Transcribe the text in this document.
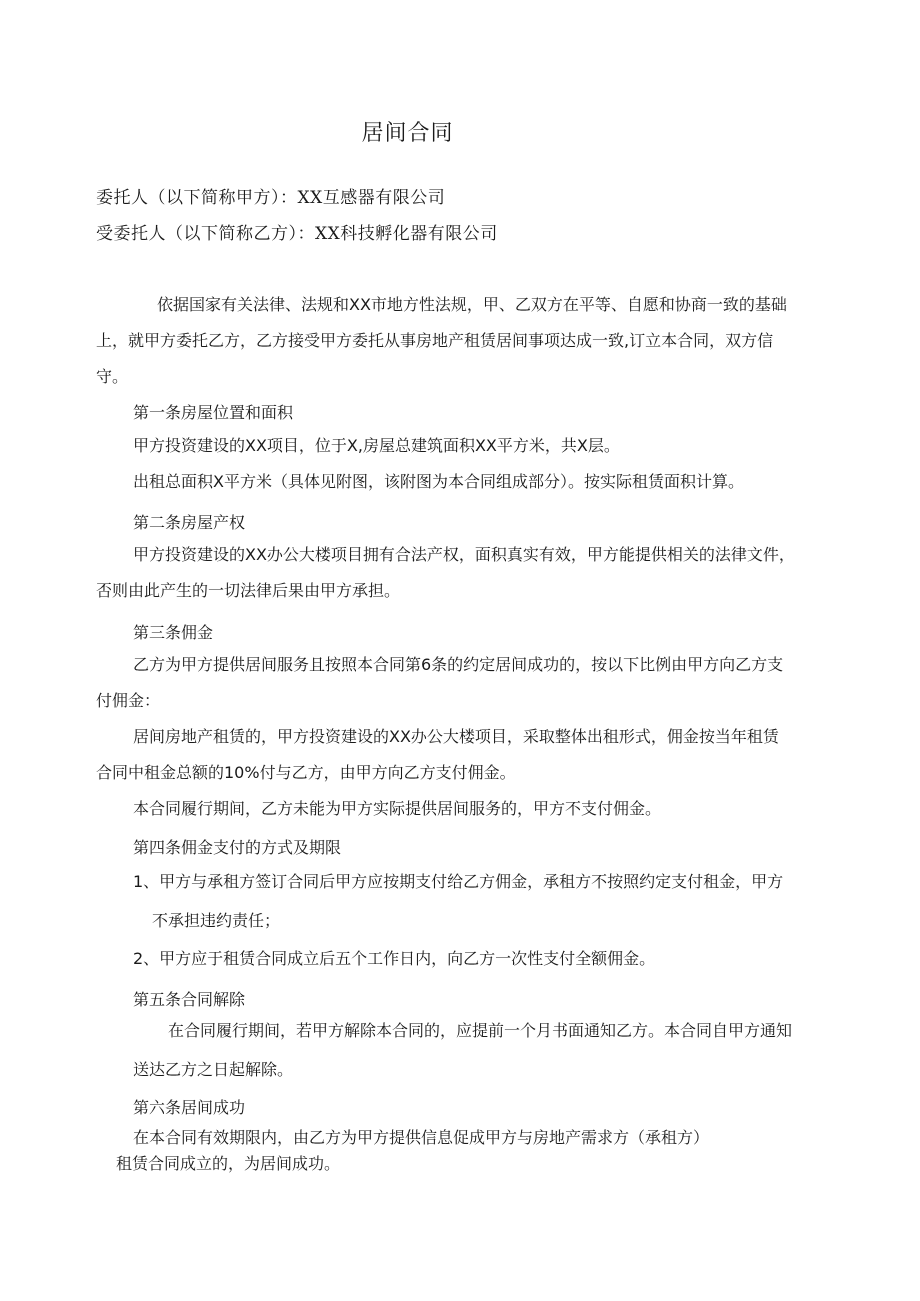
居间合同
委托人（以下简称甲方）：XX互感器有限公司
受委托人（以下简称乙方）：XX科技孵化器有限公司
依据国家有关法律、法规和XX市地方性法规，甲、乙双方在平等、自愿和协商一致的基础
上，就甲方委托乙方，乙方接受甲方委托从事房地产租赁居间事项达成一致,订立本合同，双方信
守。
第一条房屋位置和面积
甲方投资建设的XX项目，位于X,房屋总建筑面积XX平方米，共X层。
出租总面积X平方米（具体见附图，该附图为本合同组成部分）。按实际租赁面积计算。
第二条房屋产权
甲方投资建设的XX办公大楼项目拥有合法产权，面积真实有效，甲方能提供相关的法律文件，
否则由此产生的一切法律后果由甲方承担。
第三条佣金
乙方为甲方提供居间服务且按照本合同第6条的约定居间成功的，按以下比例由甲方向乙方支
付佣金：
居间房地产租赁的，甲方投资建设的XX办公大楼项目，采取整体出租形式，佣金按当年租赁
合同中租金总额的10%付与乙方，由甲方向乙方支付佣金。
本合同履行期间，乙方未能为甲方实际提供居间服务的，甲方不支付佣金。
第四条佣金支付的方式及期限
1、甲方与承租方签订合同后甲方应按期支付给乙方佣金，承租方不按照约定支付租金，甲方
不承担违约责任；
2、甲方应于租赁合同成立后五个工作日内，向乙方一次性支付全额佣金。
第五条合同解除
在合同履行期间，若甲方解除本合同的，应提前一个月书面通知乙方。本合同自甲方通知
送达乙方之日起解除。
第六条居间成功
在本合同有效期限内，由乙方为甲方提供信息促成甲方与房地产需求方（承租方）
租赁合同成立的，为居间成功。
